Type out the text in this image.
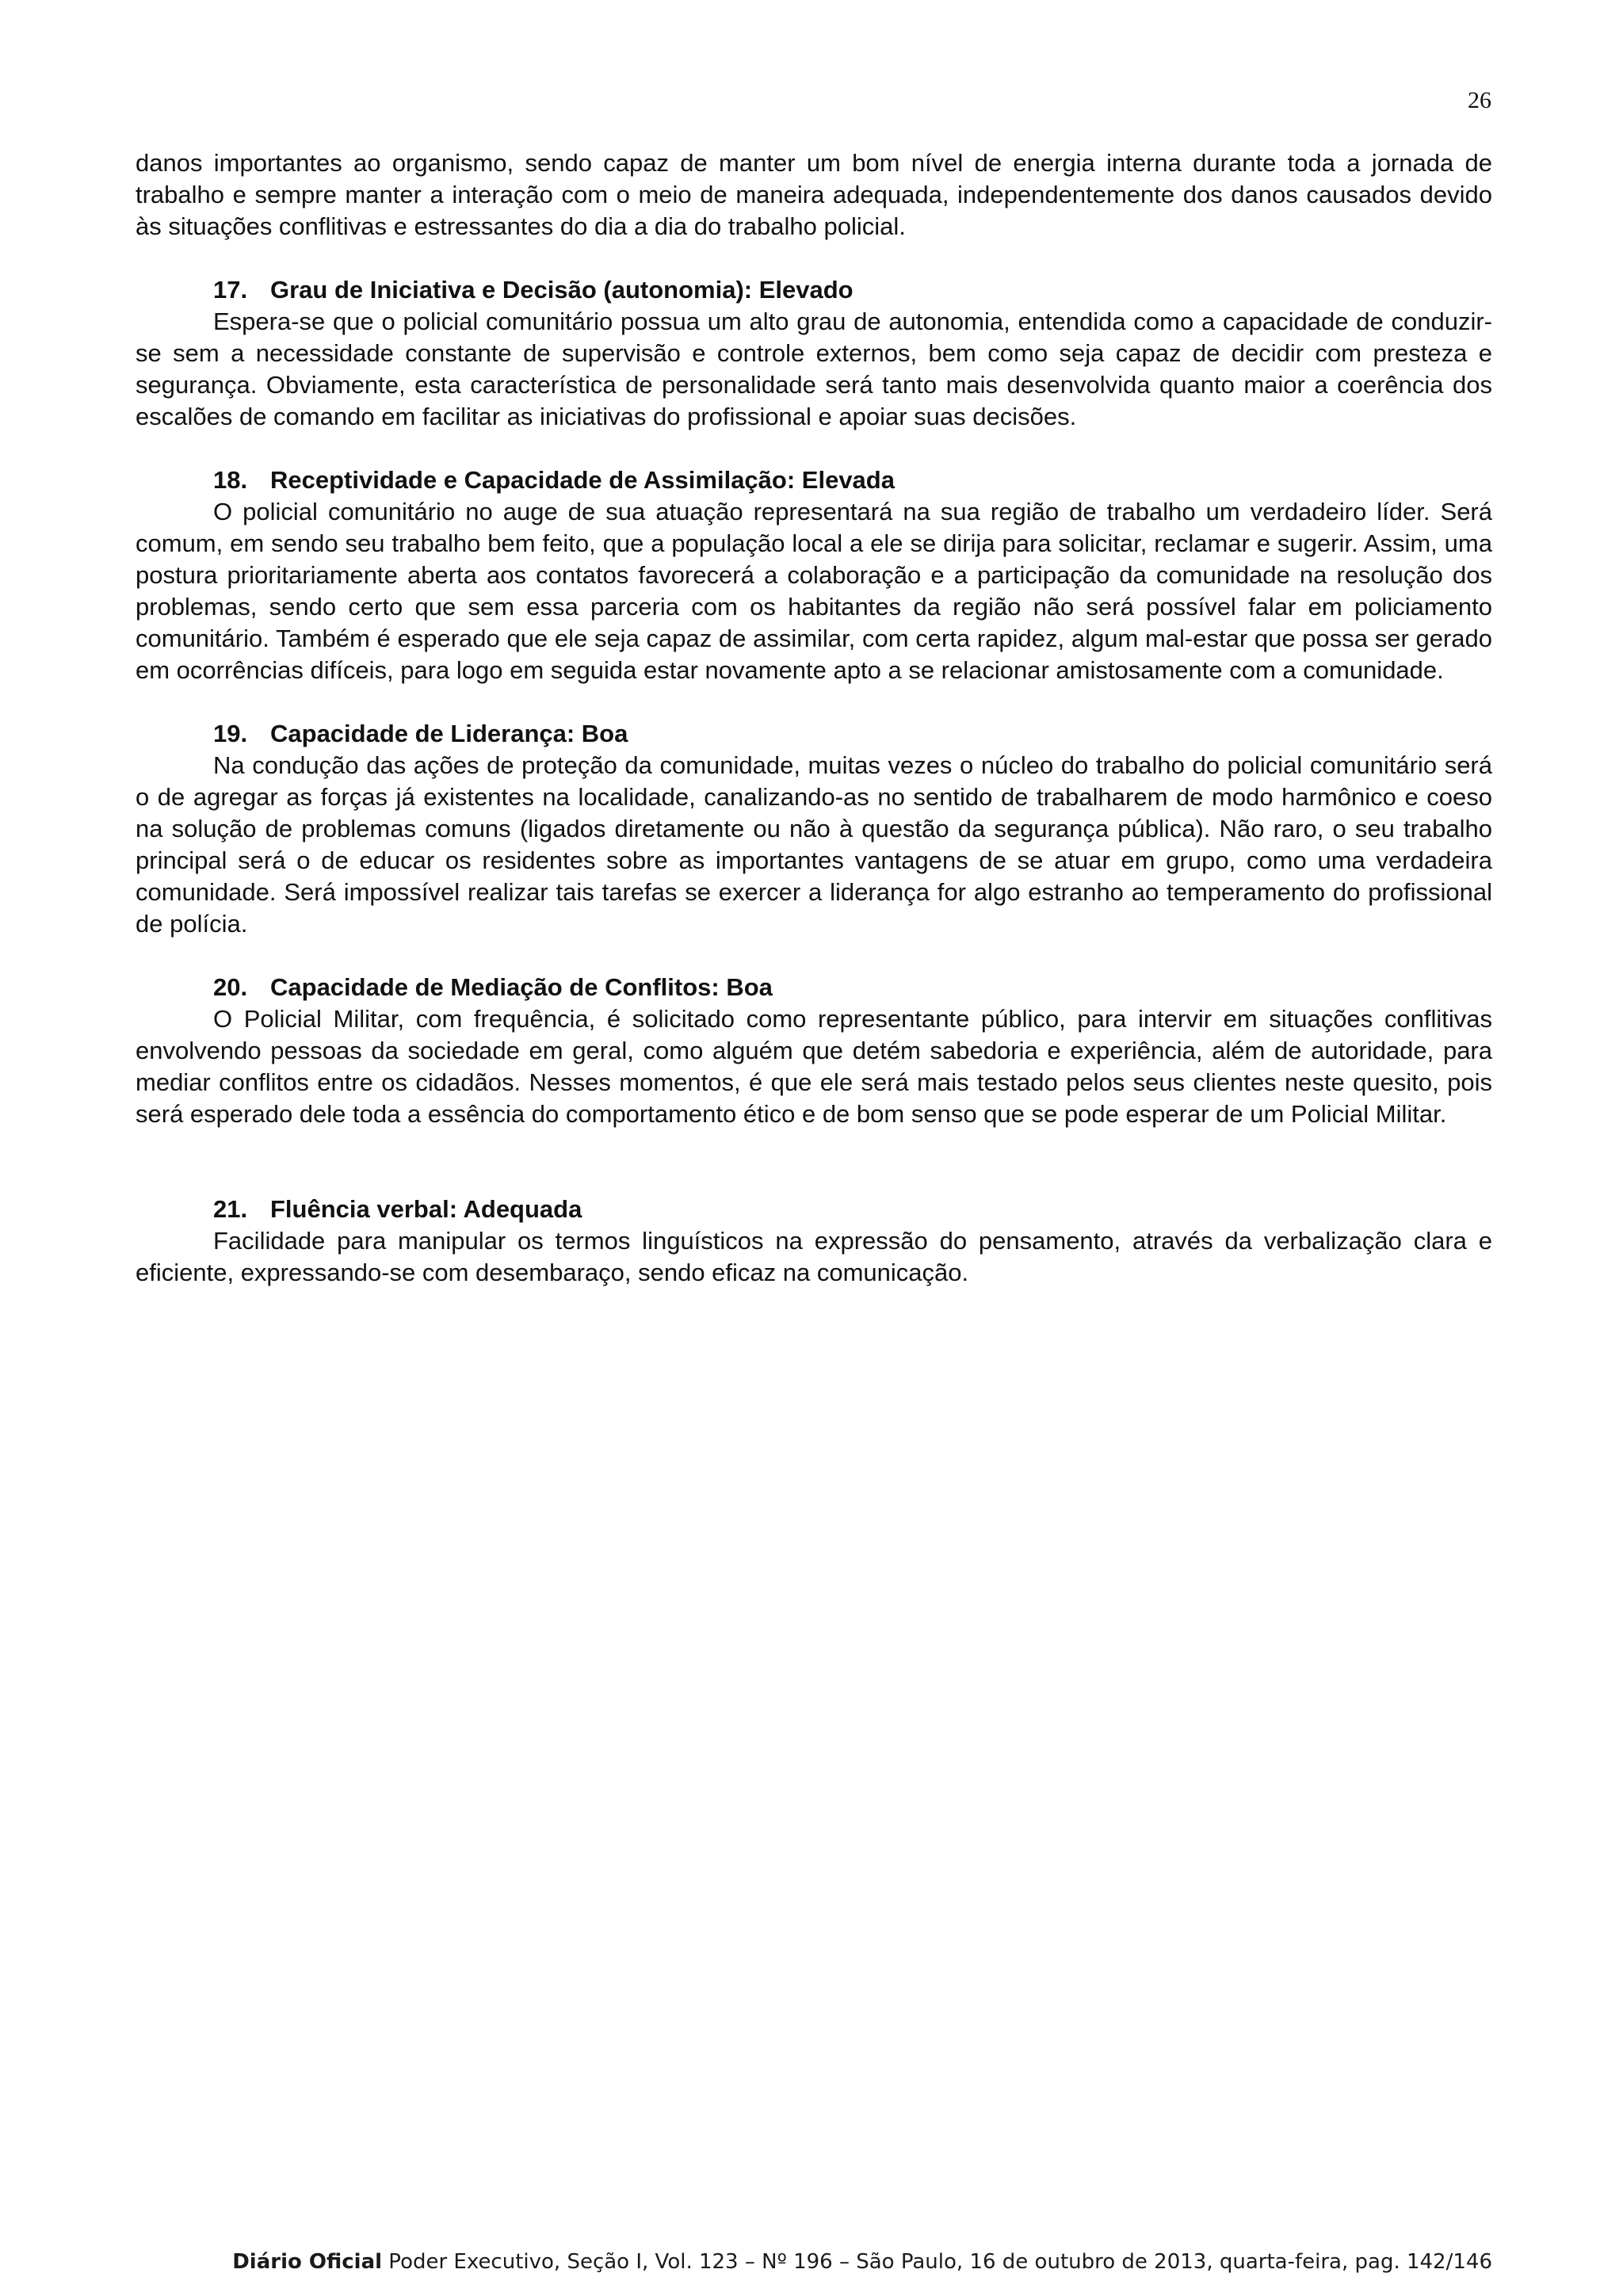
26

danos importantes ao organismo, sendo capaz de manter um bom nível de energia interna durante toda a jornada de trabalho e sempre manter a interação com o meio de maneira adequada, independentemente dos danos causados devido às situações conflitivas e estressantes do dia a dia do trabalho policial.

17. Grau de Iniciativa e Decisão (autonomia): Elevado

Espera-se que o policial comunitário possua um alto grau de autonomia, entendida como a capacidade de conduzir-se sem a necessidade constante de supervisão e controle externos, bem como seja capaz de decidir com presteza e segurança. Obviamente, esta característica de personalidade será tanto mais desenvolvida quanto maior a coerência dos escalões de comando em facilitar as iniciativas do profissional e apoiar suas decisões.

18. Receptividade e Capacidade de Assimilação: Elevada

O policial comunitário no auge de sua atuação representará na sua região de trabalho um verdadeiro líder. Será comum, em sendo seu trabalho bem feito, que a população local a ele se dirija para solicitar, reclamar e sugerir. Assim, uma postura prioritariamente aberta aos contatos favorecerá a colaboração e a participação da comunidade na resolução dos problemas, sendo certo que sem essa parceria com os habitantes da região não será possível falar em policiamento comunitário. Também é esperado que ele seja capaz de assimilar, com certa rapidez, algum mal-estar que possa ser gerado em ocorrências difíceis, para logo em seguida estar novamente apto a se relacionar amistosamente com a comunidade.

19. Capacidade de Liderança: Boa

Na condução das ações de proteção da comunidade, muitas vezes o núcleo do trabalho do policial comunitário será o de agregar as forças já existentes na localidade, canalizando-as no sentido de trabalharem de modo harmônico e coeso na solução de problemas comuns (ligados diretamente ou não à questão da segurança pública). Não raro, o seu trabalho principal será o de educar os residentes sobre as importantes vantagens de se atuar em grupo, como uma verdadeira comunidade. Será impossível realizar tais tarefas se exercer a liderança for algo estranho ao temperamento do profissional de polícia.

20. Capacidade de Mediação de Conflitos: Boa

O Policial Militar, com frequência, é solicitado como representante público, para intervir em situações conflitivas envolvendo pessoas da sociedade em geral, como alguém que detém sabedoria e experiência, além de autoridade, para mediar conflitos entre os cidadãos. Nesses momentos, é que ele será mais testado pelos seus clientes neste quesito, pois será esperado dele toda a essência do comportamento ético e de bom senso que se pode esperar de um Policial Militar.

21. Fluência verbal: Adequada

Facilidade para manipular os termos linguísticos na expressão do pensamento, através da verbalização clara e eficiente, expressando-se com desembaraço, sendo eficaz na comunicação.

Diário Oficial Poder Executivo, Seção I, Vol. 123 – Nº 196 – São Paulo, 16 de outubro de 2013, quarta-feira, pag. 142/146
